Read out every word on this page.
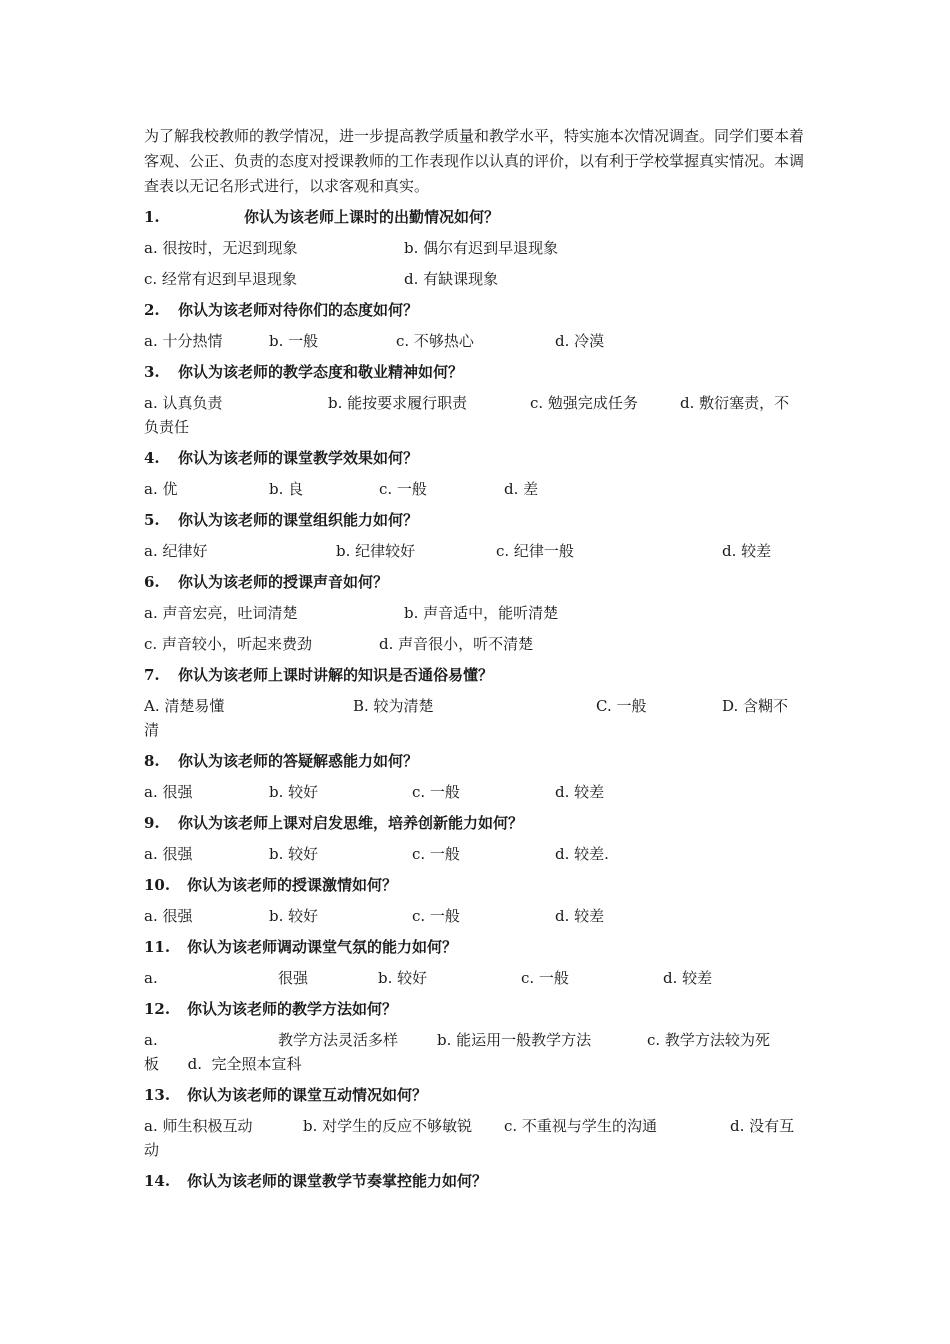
为了解我校教师的教学情况，进一步提高教学质量和教学水平，特实施本次情况调查。同学们要本着客观、公正、负责的态度对授课教师的工作表现作以认真的评价，以有利于学校掌握真实情况。本调查表以无记名形式进行，以求客观和真实。

1.	你认为该老师上课时的出勤情况如何？
a. 很按时，无迟到现象	b. 偶尔有迟到早退现象
c. 经常有迟到早退现象	d. 有缺课现象
2. 你认为该老师对待你们的态度如何？
a. 十分热情	b. 一般	c. 不够热心	d. 冷漠
3. 你认为该老师的教学态度和敬业精神如何？
a. 认真负责	b. 能按要求履行职责	c. 勉强完成任务	d. 敷衍塞责，不
负责任
4. 你认为该老师的课堂教学效果如何？
a. 优	b. 良	c. 一般	d. 差
5. 你认为该老师的课堂组织能力如何？
a. 纪律好	b. 纪律较好	c. 纪律一般	d. 较差
6. 你认为该老师的授课声音如何？
a. 声音宏亮，吐词清楚	b. 声音适中，能听清楚
c. 声音较小，听起来费劲	d. 声音很小，听不清楚
7. 你认为该老师上课时讲解的知识是否通俗易懂？
A. 清楚易懂	B. 较为清楚	C. 一般	D. 含糊不
清
8. 你认为该老师的答疑解惑能力如何？
a. 很强	b. 较好	c. 一般	d. 较差
9. 你认为该老师上课对启发思维，培养创新能力如何？
a. 很强	b. 较好	c. 一般	d. 较差.
10. 你认为该老师的授课激情如何？
a. 很强	b. 较好	c. 一般	d. 较差
11. 你认为该老师调动课堂气氛的能力如何？
a.	很强	b. 较好	c. 一般	d. 较差
12. 你认为该老师的教学方法如何？
a.	教学方法灵活多样	b. 能运用一般教学方法	c. 教学方法较为死
板      d.  完全照本宣科
13. 你认为该老师的课堂互动情况如何？
a. 师生积极互动	b. 对学生的反应不够敏锐 c. 不重视与学生的沟通	d. 没有互
动
14. 你认为该老师的课堂教学节奏掌控能力如何？
